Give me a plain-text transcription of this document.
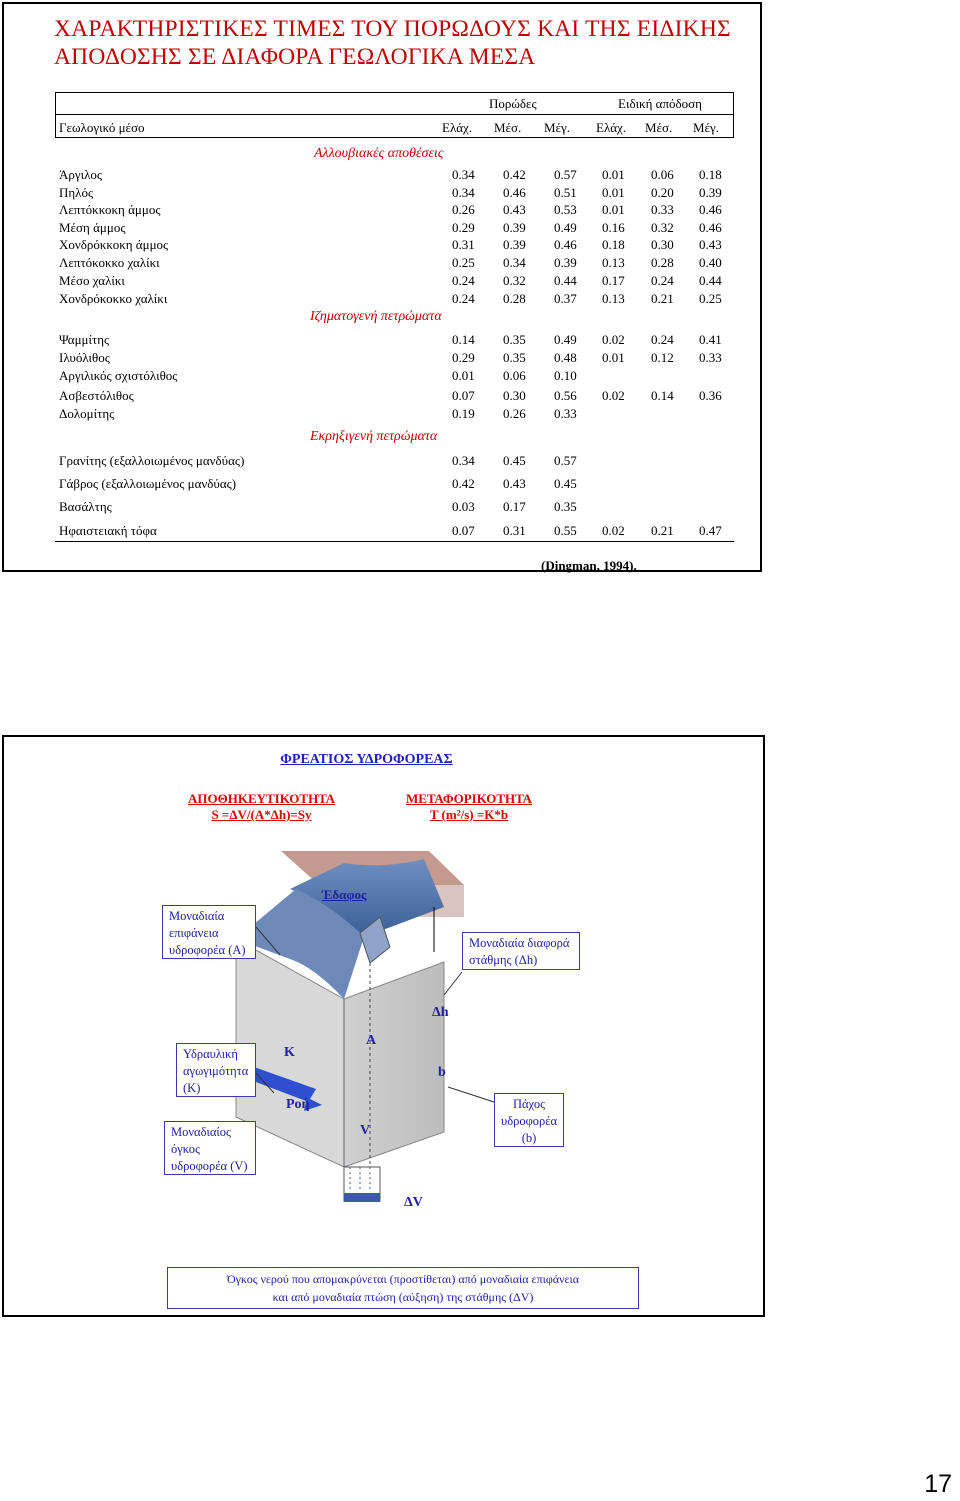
ΧΑΡΑΚΤΗΡΙΣΤΙΚΕΣ ΤΙΜΕΣ ΤΟΥ ΠΟΡΩΔΟΥΣ ΚΑΙ ΤΗΣ ΕΙΔΙΚΗΣ ΑΠΟΔΟΣΗΣ ΣΕ ΔΙΑΦΟΡΑ ΓΕΩΛΟΓΙΚΑ ΜΕΣΑ
Πορώδες	Ειδική απόδοση
Γεωλογικό μέσο	Ελάχ. Μέσ. Μέγ. Ελάχ. Μέσ. Μέγ.
Αλλουβιακές αποθέσεις
Άργιλος	0.34 0.42 0.57 0.01 0.06 0.18
Πηλός	0.34 0.46 0.51 0.01 0.20 0.39
Λεπτόκκοκη άμμος	0.26 0.43 0.53 0.01 0.33 0.46
Μέση άμμος	0.29 0.39 0.49 0.16 0.32 0.46
Χονδρόκκοκη άμμος	0.31 0.39 0.46 0.18 0.30 0.43
Λεπτόκοκκο χαλίκι	0.25 0.34 0.39 0.13 0.28 0.40
Μέσο χαλίκι	0.24 0.32 0.44 0.17 0.24 0.44
Χονδρόκοκκο χαλίκι	0.24 0.28 0.37 0.13 0.21 0.25
Ιζηματογενή πετρώματα
Ψαμμίτης	0.14 0.35 0.49 0.02 0.24 0.41
Ιλυόλιθος	0.29 0.35 0.48 0.01 0.12 0.33
Αργιλικός σχιστόλιθος	0.01 0.06 0.10
Ασβεστόλιθος	0.07 0.30 0.56 0.02 0.14 0.36
Δολομίτης	0.19 0.26 0.33
Εκρηξιγενή πετρώματα
Γρανίτης (εξαλλοιωμένος μανδύας)	0.34 0.45 0.57
Γάβρος (εξαλλοιωμένος μανδύας)	0.42 0.43 0.45
Βασάλτης	0.03 0.17 0.35
Ηφαιστειακή τόφα	0.07 0.31 0.55 0.02 0.21 0.47
(Dingman, 1994).
ΦΡΕΑΤΙΟΣ ΥΔΡΟΦΟΡΕΑΣ
ΑΠΟΘΗΚΕΥΤΙΚΟΤΗΤΑ
S =ΔV/(A*Δh)=Sy
ΜΕΤΑΦΟΡΙΚΟΤΗΤΑ
T (m²/s) =K*b
Έδαφος
Μοναδιαία επιφάνεια υδροφορέα (A)	Μοναδιαία διαφορά στάθμης (Δh)
Υδραυλική αγωγιμότητα (K)
Μοναδιαίος όγκος υδροφορέα (V)
Πάχος υδροφορέα (b)
Δh
A
K
b
Ροή
V
ΔV
Όγκος νερού που απομακρύνεται (προστίθεται) από μοναδιαία επιφάνεια
και από μοναδιαία πτώση (αύξηση) της στάθμης (ΔV)
17
